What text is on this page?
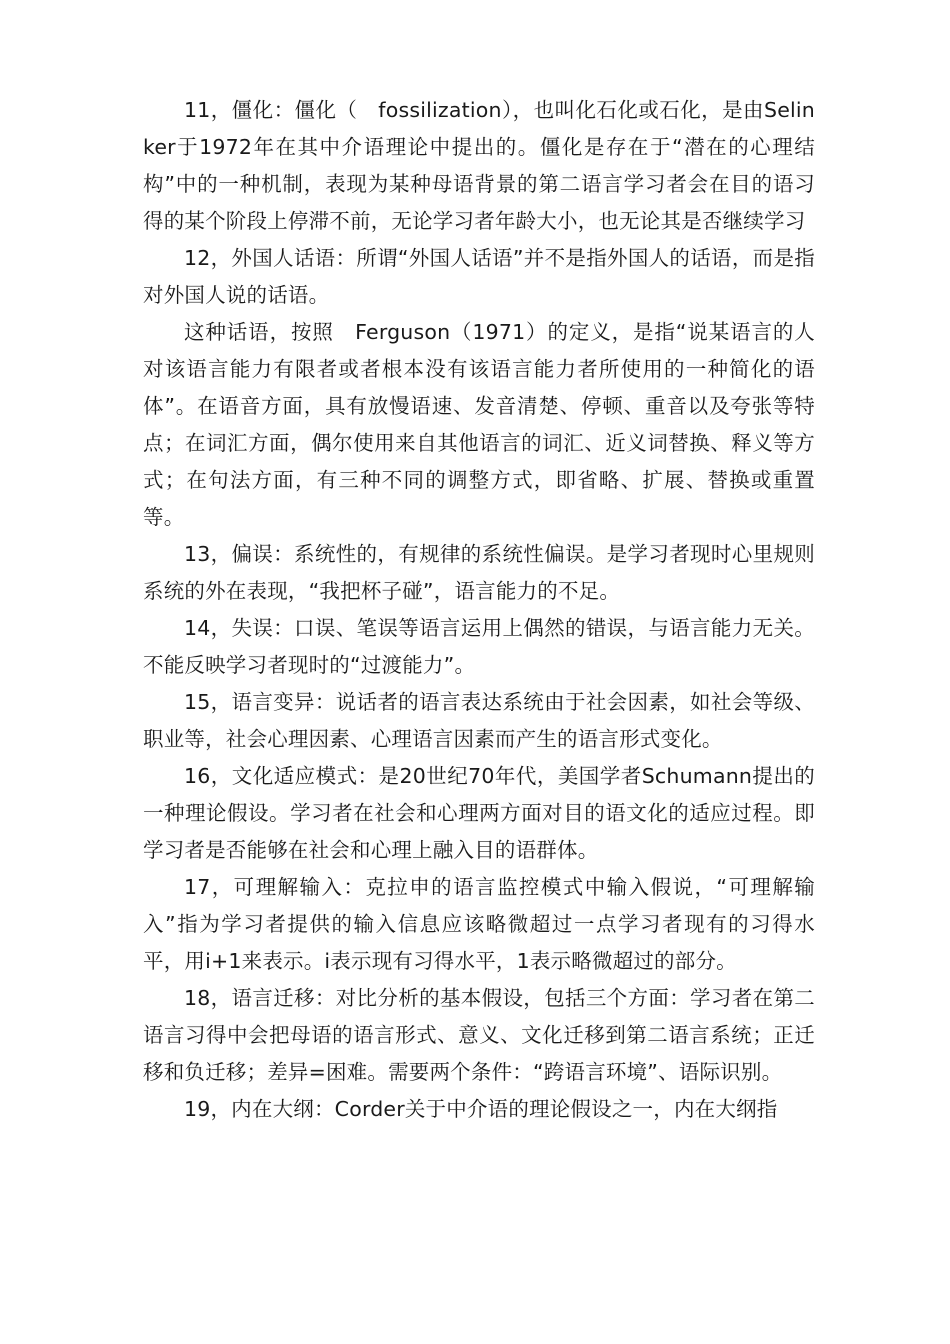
11，僵化：僵化（　fossilization），也叫化石化或石化，是由Selinker于1972年在其中介语理论中提出的。僵化是存在于“潜在的心理结构”中的一种机制，表现为某种母语背景的第二语言学习者会在目的语习得的某个阶段上停滞不前，无论学习者年龄大小，也无论其是否继续学习

12，外国人话语：所谓“外国人话语”并不是指外国人的话语，而是指对外国人说的话语。

这种话语，按照　Ferguson（1971）的定义，是指“说某语言的人对该语言能力有限者或者根本没有该语言能力者所使用的一种简化的语体”。在语音方面，具有放慢语速、发音清楚、停顿、重音以及夸张等特点；在词汇方面，偶尔使用来自其他语言的词汇、近义词替换、释义等方式；在句法方面，有三种不同的调整方式，即省略、扩展、替换或重置等。

13，偏误：系统性的，有规律的系统性偏误。是学习者现时心里规则系统的外在表现，“我把杯子碰”，语言能力的不足。

14，失误：口误、笔误等语言运用上偶然的错误，与语言能力无关。不能反映学习者现时的“过渡能力”。

15，语言变异：说话者的语言表达系统由于社会因素，如社会等级、职业等，社会心理因素、心理语言因素而产生的语言形式变化。

16，文化适应模式：是20世纪70年代，美国学者Schumann提出的一种理论假设。学习者在社会和心理两方面对目的语文化的适应过程。即学习者是否能够在社会和心理上融入目的语群体。

17，可理解输入：克拉申的语言监控模式中输入假说，“可理解输入”指为学习者提供的输入信息应该略微超过一点学习者现有的习得水平，用i+1来表示。i表示现有习得水平，1表示略微超过的部分。

18，语言迁移：对比分析的基本假设，包括三个方面：学习者在第二语言习得中会把母语的语言形式、意义、文化迁移到第二语言系统；正迁移和负迁移；差异=困难。需要两个条件：“跨语言环境”、语际识别。

19，内在大纲：Corder关于中介语的理论假设之一，内在大纲指
